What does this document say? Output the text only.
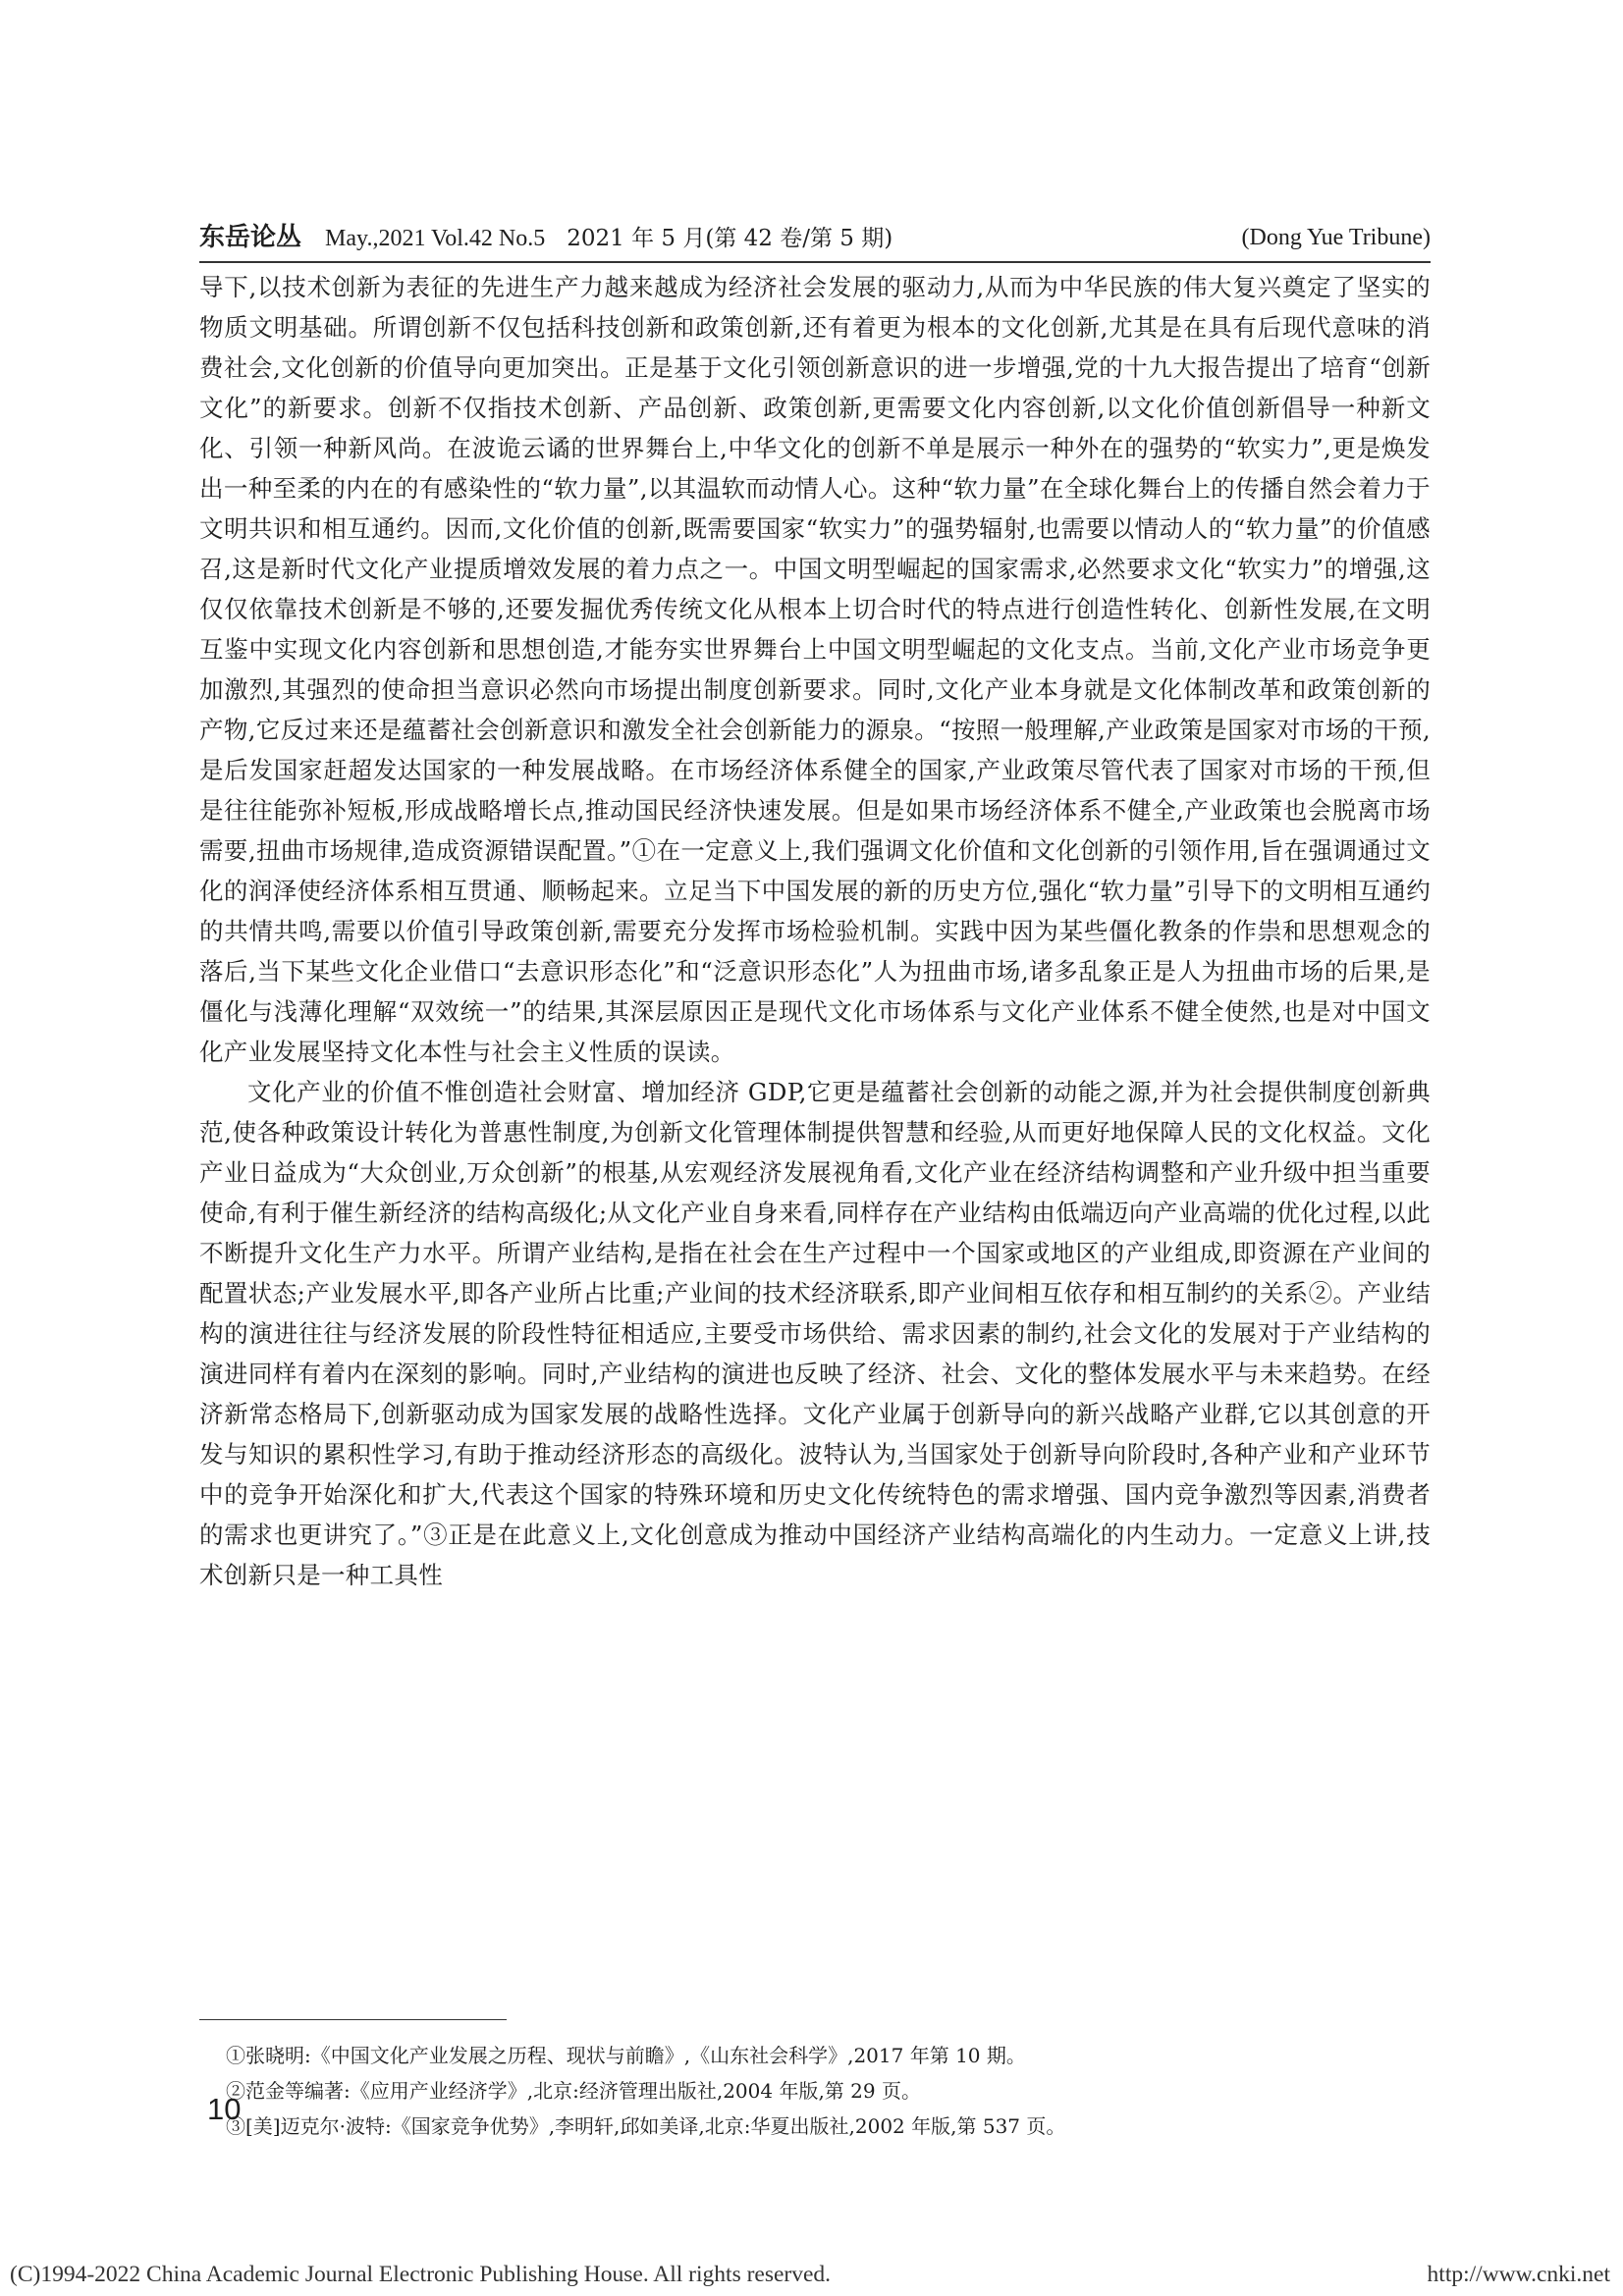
东岳论丛 May.,2021 Vol.42 No.5 2021 年 5 月(第 42 卷/第 5 期)	(Dong Yue Tribune)

导下,以技术创新为表征的先进生产力越来越成为经济社会发展的驱动力,从而为中华民族的伟大复兴奠定了坚实的物质文明基础。所谓创新不仅包括科技创新和政策创新,还有着更为根本的文化创新,尤其是在具有后现代意味的消费社会,文化创新的价值导向更加突出。正是基于文化引领创新意识的进一步增强,党的十九大报告提出了培育“创新文化”的新要求。创新不仅指技术创新、产品创新、政策创新,更需要文化内容创新,以文化价值创新倡导一种新文化、引领一种新风尚。在波诡云谲的世界舞台上,中华文化的创新不单是展示一种外在的强势的“软实力”,更是焕发出一种至柔的内在的有感染性的“软力量”,以其温软而动情人心。这种“软力量”在全球化舞台上的传播自然会着力于文明共识和相互通约。因而,文化价值的创新,既需要国家“软实力”的强势辐射,也需要以情动人的“软力量”的价值感召,这是新时代文化产业提质增效发展的着力点之一。中国文明型崛起的国家需求,必然要求文化“软实力”的增强,这仅仅依靠技术创新是不够的,还要发掘优秀传统文化从根本上切合时代的特点进行创造性转化、创新性发展,在文明互鉴中实现文化内容创新和思想创造,才能夯实世界舞台上中国文明型崛起的文化支点。当前,文化产业市场竞争更加激烈,其强烈的使命担当意识必然向市场提出制度创新要求。同时,文化产业本身就是文化体制改革和政策创新的产物,它反过来还是蕴蓄社会创新意识和激发全社会创新能力的源泉。“按照一般理解,产业政策是国家对市场的干预,是后发国家赶超发达国家的一种发展战略。在市场经济体系健全的国家,产业政策尽管代表了国家对市场的干预,但是往往能弥补短板,形成战略增长点,推动国民经济快速发展。但是如果市场经济体系不健全,产业政策也会脱离市场需要,扭曲市场规律,造成资源错误配置。”①在一定意义上,我们强调文化价值和文化创新的引领作用,旨在强调通过文化的润泽使经济体系相互贯通、顺畅起来。立足当下中国发展的新的历史方位,强化“软力量”引导下的文明相互通约的共情共鸣,需要以价值引导政策创新,需要充分发挥市场检验机制。实践中因为某些僵化教条的作祟和思想观念的落后,当下某些文化企业借口“去意识形态化”和“泛意识形态化”人为扭曲市场,诸多乱象正是人为扭曲市场的后果,是僵化与浅薄化理解“双效统一”的结果,其深层原因正是现代文化市场体系与文化产业体系不健全使然,也是对中国文化产业发展坚持文化本性与社会主义性质的误读。

文化产业的价值不惟创造社会财富、增加经济 GDP,它更是蕴蓄社会创新的动能之源,并为社会提供制度创新典范,使各种政策设计转化为普惠性制度,为创新文化管理体制提供智慧和经验,从而更好地保障人民的文化权益。文化产业日益成为“大众创业,万众创新”的根基,从宏观经济发展视角看,文化产业在经济结构调整和产业升级中担当重要使命,有利于催生新经济的结构高级化;从文化产业自身来看,同样存在产业结构由低端迈向产业高端的优化过程,以此不断提升文化生产力水平。所谓产业结构,是指在社会在生产过程中一个国家或地区的产业组成,即资源在产业间的配置状态;产业发展水平,即各产业所占比重;产业间的技术经济联系,即产业间相互依存和相互制约的关系②。产业结构的演进往往与经济发展的阶段性特征相适应,主要受市场供给、需求因素的制约,社会文化的发展对于产业结构的演进同样有着内在深刻的影响。同时,产业结构的演进也反映了经济、社会、文化的整体发展水平与未来趋势。在经济新常态格局下,创新驱动成为国家发展的战略性选择。文化产业属于创新导向的新兴战略产业群,它以其创意的开发与知识的累积性学习,有助于推动经济形态的高级化。波特认为,当国家处于创新导向阶段时,各种产业和产业环节中的竞争开始深化和扩大,代表这个国家的特殊环境和历史文化传统特色的需求增强、国内竞争激烈等因素,消费者的需求也更讲究了。”③正是在此意义上,文化创意成为推动中国经济产业结构高端化的内生动力。一定意义上讲,技术创新只是一种工具性

①张晓明:《中国文化产业发展之历程、现状与前瞻》,《山东社会科学》,2017 年第 10 期。

②范金等编著:《应用产业经济学》,北京:经济管理出版社,2004 年版,第 29 页。

③[美]迈克尔·波特:《国家竞争优势》,李明轩,邱如美译,北京:华夏出版社,2002 年版,第 537 页。

10
(C)1994-2022 China Academic Journal Electronic Publishing House. All rights reserved.	http://www.cnki.net
